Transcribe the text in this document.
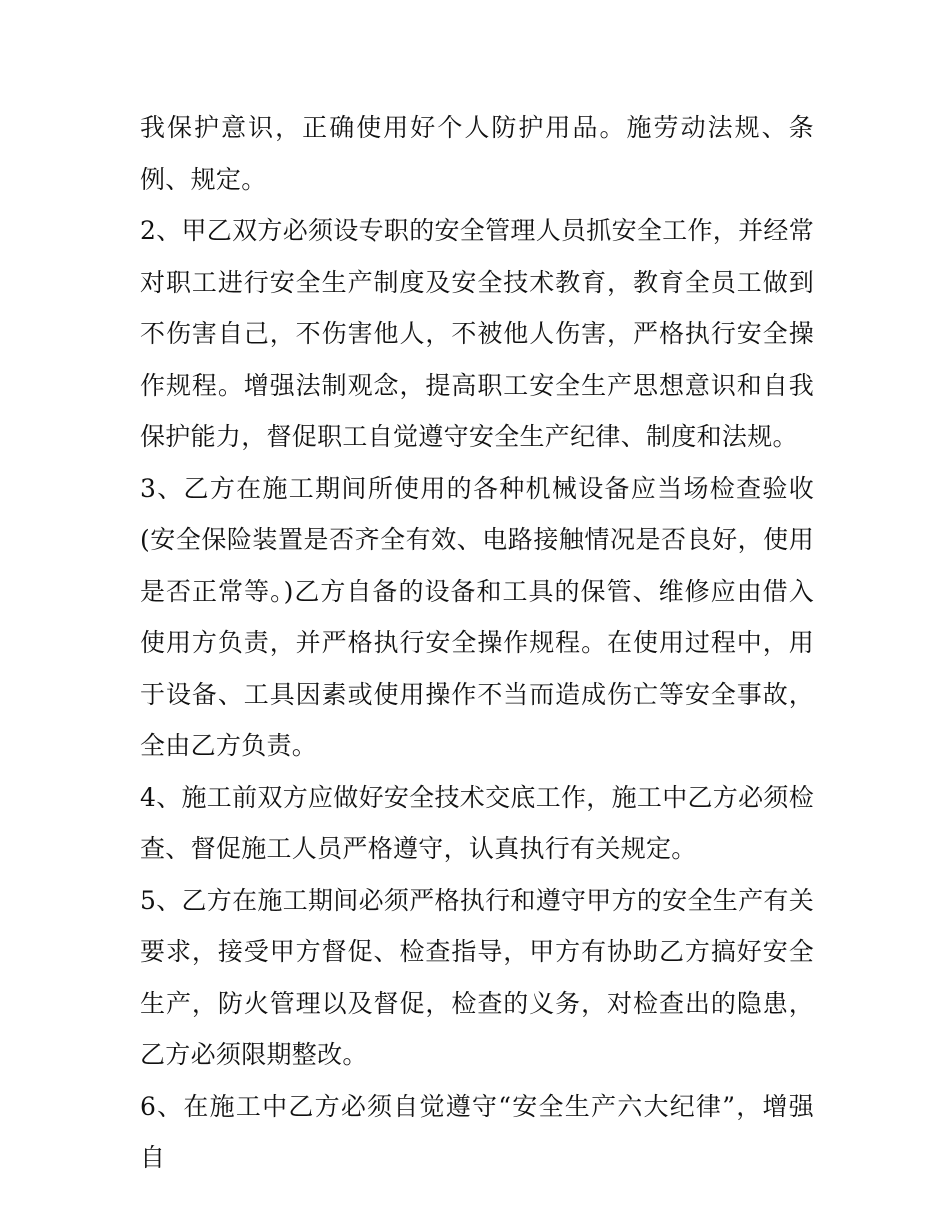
我保护意识，正确使用好个人防护用品。施劳动法规、条例、规定。

2、甲乙双方必须设专职的安全管理人员抓安全工作，并经常对职工进行安全生产制度及安全技术教育，教育全员工做到不伤害自己，不伤害他人，不被他人伤害，严格执行安全操作规程。增强法制观念，提高职工安全生产思想意识和自我保护能力，督促职工自觉遵守安全生产纪律、制度和法规。

3、乙方在施工期间所使用的各种机械设备应当场检查验收(安全保险装置是否齐全有效、电路接触情况是否良好，使用是否正常等。)乙方自备的设备和工具的保管、维修应由借入使用方负责，并严格执行安全操作规程。在使用过程中，用于设备、工具因素或使用操作不当而造成伤亡等安全事故，全由乙方负责。

4、施工前双方应做好安全技术交底工作，施工中乙方必须检查、督促施工人员严格遵守，认真执行有关规定。

5、乙方在施工期间必须严格执行和遵守甲方的安全生产有关要求，接受甲方督促、检查指导，甲方有协助乙方搞好安全生产，防火管理以及督促，检查的义务，对检查出的隐患，乙方必须限期整改。

6、在施工中乙方必须自觉遵守“安全生产六大纪律”，增强自
